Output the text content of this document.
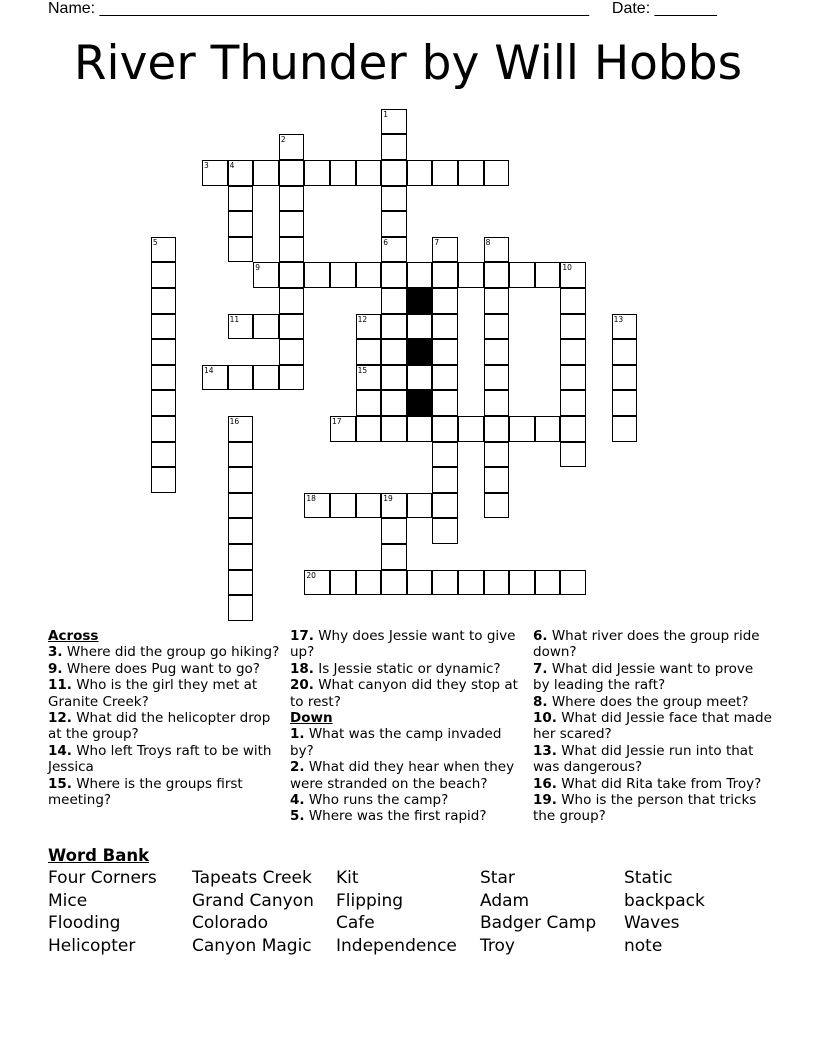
Name: _______________________________________________________ Date: _______
River Thunder by Will Hobbs
3	4
9
11
14
17
18	19
20
1
2
5	6	7	8
10
12
15
13
16

Across

3. Where did the group go hiking?

9. Where does Pug want to go?

11. Who is the girl they met at Granite Creek?

12. What did the helicopter drop at the group?

14. Who left Troys raft to be with Jessica

15. Where is the groups first meeting?

17. Why does Jessie want to give up?

18. Is Jessie static or dynamic?

20. What canyon did they stop at to rest?

Down

1. What was the camp invaded by?

2. What did they hear when they were stranded on the beach?

4. Who runs the camp?

5. Where was the first rapid?

6. What river does the group ride down?

7. What did Jessie want to prove by leading the raft?

8. Where does the group meet?

10. What did Jessie face that made her scared?

13. What did Jessie run into that was dangerous?

16. What did Rita take from Troy?

19. Who is the person that tricks the group?

Word Bank
Four Corners
Mice
Flooding
Helicopter
Tapeats Creek
Grand Canyon
Colorado
Canyon Magic
Kit
Flipping
Cafe
Independence
Star
Adam
Badger Camp
Troy
Static
backpack
Waves
note
